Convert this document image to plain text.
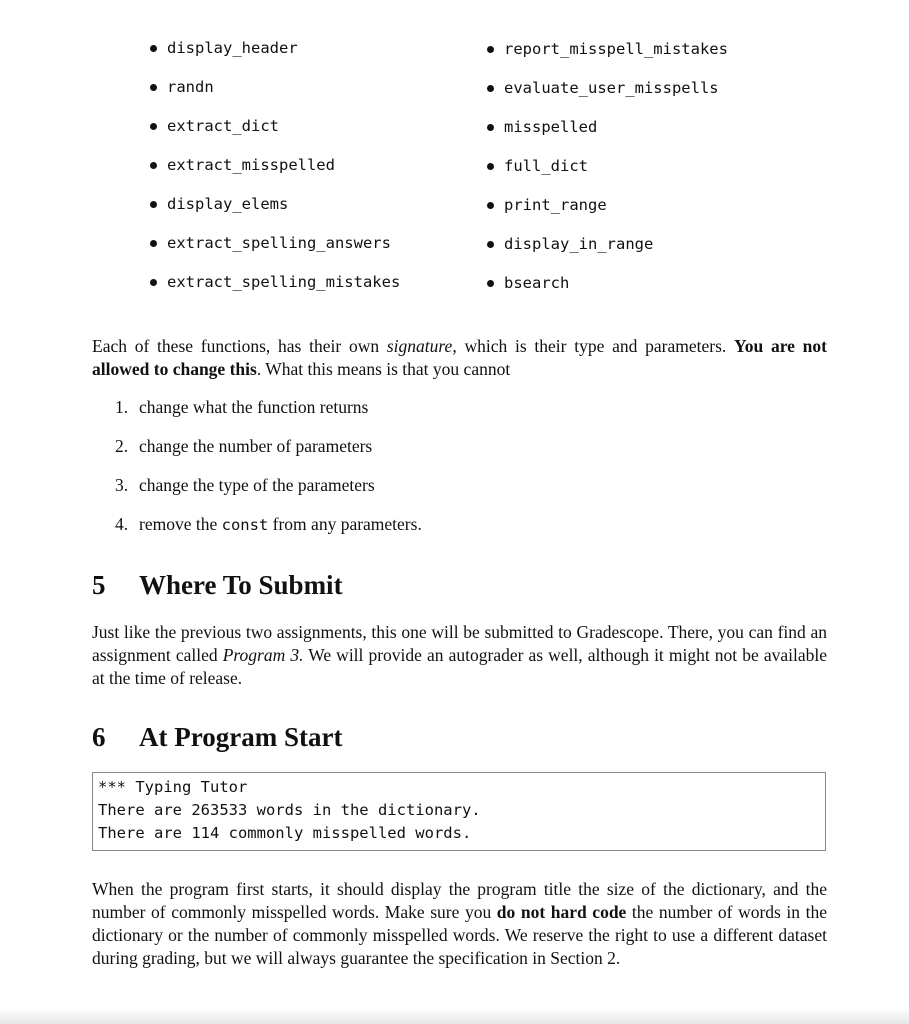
display_header
randn
extract_dict
extract_misspelled
display_elems
extract_spelling_answers
extract_spelling_mistakes
report_misspell_mistakes
evaluate_user_misspells
misspelled
full_dict
print_range
display_in_range
bsearch

Each of these functions, has their own signature, which is their type and parameters. You are not allowed to change this. What this means is that you cannot

1. change what the function returns
2. change the number of parameters
3. change the type of the parameters
4. remove the const from any parameters.
5 Where To Submit

Just like the previous two assignments, this one will be submitted to Gradescope. There, you can find an assignment called Program 3. We will provide an autograder as well, although it might not be available at the time of release.

6 At Program Start
*** Typing Tutor
There are 263533 words in the dictionary.
There are 114 commonly misspelled words.

When the program first starts, it should display the program title the size of the dictionary, and the number of commonly misspelled words. Make sure you do not hard code the number of words in the dictionary or the number of commonly misspelled words. We reserve the right to use a different dataset during grading, but we will always guarantee the specification in Section 2.
